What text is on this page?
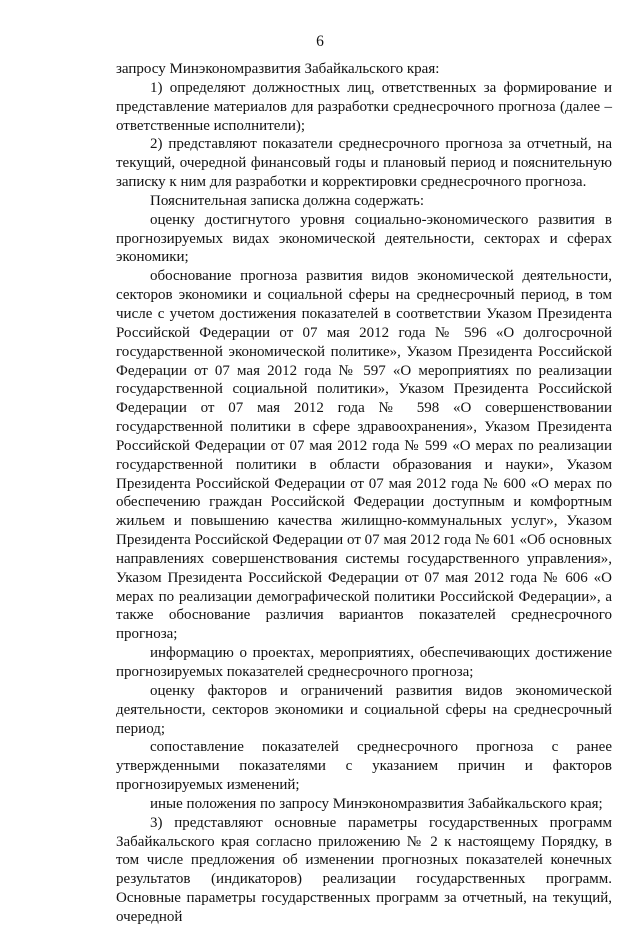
6

запросу Минэкономразвития Забайкальского края:

1) определяют должностных лиц, ответственных за формирование и представление материалов для разработки среднесрочного прогноза (далее – ответственные исполнители);

2) представляют показатели среднесрочного прогноза за отчетный, на текущий, очередной финансовый годы и плановый период и пояснительную записку к ним для разработки и корректировки среднесрочного прогноза.

Пояснительная записка должна содержать:

оценку достигнутого уровня социально-экономического развития в прогнозируемых видах экономической деятельности, секторах и сферах экономики;

обоснование прогноза развития видов экономической деятельности, секторов экономики и социальной сферы на среднесрочный период, в том числе с учетом достижения показателей в соответствии Указом Президента Российской Федерации от 07 мая 2012 года № 596 «О долгосрочной государственной экономической политике», Указом Президента Российской Федерации от 07 мая 2012 года № 597 «О мероприятиях по реализации государственной социальной политики», Указом Президента Российской Федерации от 07 мая 2012 года № 598 «О совершенствовании государственной политики в сфере здравоохранения», Указом Президента Российской Федерации от 07 мая 2012 года № 599 «О мерах по реализации государственной политики в области образования и науки», Указом Президента Российской Федерации от 07 мая 2012 года № 600 «О мерах по обеспечению граждан Российской Федерации доступным и комфортным жильем и повышению качества жилищно-коммунальных услуг», Указом Президента Российской Федерации от 07 мая 2012 года № 601 «Об основных направлениях совершенствования системы государственного управления», Указом Президента Российской Федерации от 07 мая 2012 года № 606 «О мерах по реализации демографической политики Российской Федерации», а также обоснование различия вариантов показателей среднесрочного прогноза;

информацию о проектах, мероприятиях, обеспечивающих достижение прогнозируемых показателей среднесрочного прогноза;

оценку факторов и ограничений развития видов экономической деятельности, секторов экономики и социальной сферы на среднесрочный период;

сопоставление показателей среднесрочного прогноза с ранее утвержденными показателями с указанием причин и факторов прогнозируемых изменений;

иные положения по запросу Минэкономразвития Забайкальского края;

3) представляют основные параметры государственных программ Забайкальского края согласно приложению № 2 к настоящему Порядку, в том числе предложения об изменении прогнозных показателей конечных результатов (индикаторов) реализации государственных программ. Основные параметры государственных программ за отчетный, на текущий, очередной
